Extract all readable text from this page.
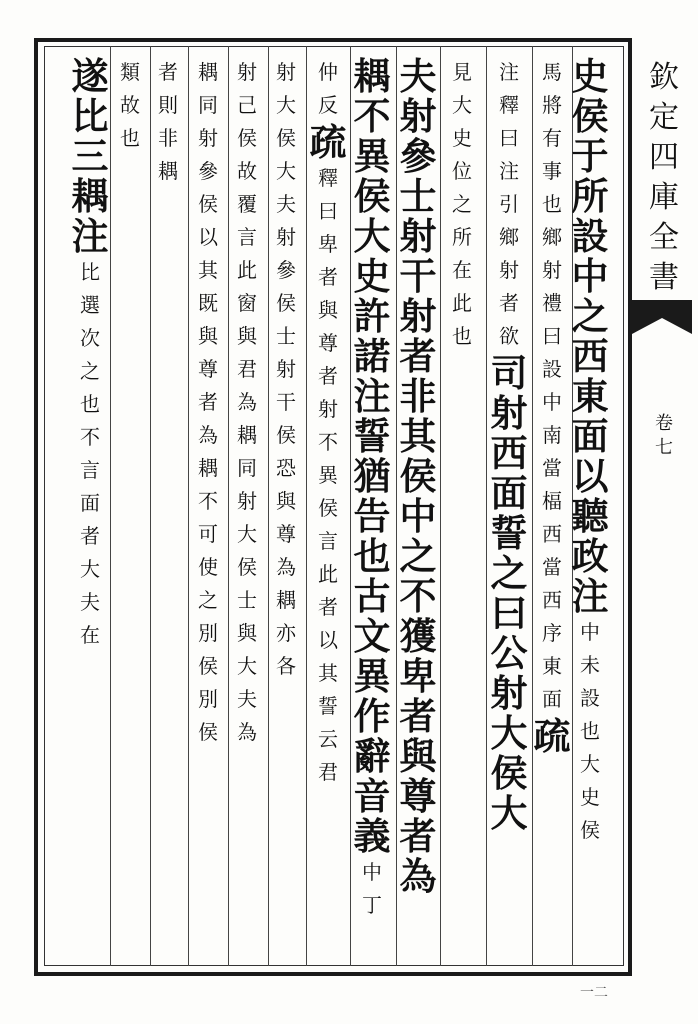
欽
定
四
庫
全
書
卷
七
史
侯
于
所
設
中
之
西
東
面
以
聽
政
注
中
未
設
也
大
史
侯
馬
將
有
事
也
鄉
射
禮
曰
設
中
南
當
楅
西
當
西
序
東
面
疏
注
釋
曰
注
引
鄉
射
者
欲
司
射
西
面
誓
之
曰
公
射
大
侯
大
見
大
史
位
之
所
在
此
也
夫
射
參
士
射
干
射
者
非
其
侯
中
之
不
獲
卑
者
與
尊
者
為
耦
不
異
侯
大
史
許
諾
注
誓
猶
告
也
古
文
異
作
辭
音
義
中
丁
仲
反
疏
釋
曰
卑
者
與
尊
者
射
不
異
侯
言
此
者
以
其
誓
云
君
射
大
侯
大
夫
射
參
侯
士
射
干
侯
恐
與
尊
為
耦
亦
各
射
己
侯
故
覆
言
此
窗
與
君
為
耦
同
射
大
侯
士
與
大
夫
為
耦
同
射
參
侯
以
其
既
與
尊
者
為
耦
不
可
使
之
別
侯
別
侯
者
則
非
耦
類
故
也
遂
比
三
耦
注
比
選
次
之
也
不
言
面
者
大
夫
在
一二
